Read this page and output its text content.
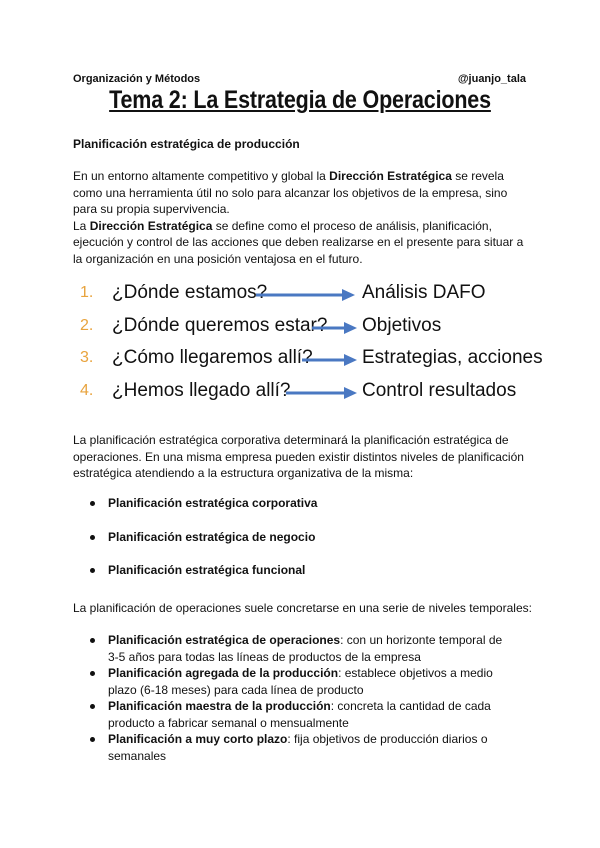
Organización y Métodos	@juanjo_tala
Tema 2: La Estrategia de Operaciones
Planificación estratégica de producción
En un entorno altamente competitivo y global la Dirección Estratégica se revela como una herramienta útil no solo para alcanzar los objetivos de la empresa, sino para su propia supervivencia.
La Dirección Estratégica se define como el proceso de análisis, planificación, ejecución y control de las acciones que deben realizarse en el presente para situar a la organización en una posición ventajosa en el futuro.
1. ¿Dónde estamos?	Análisis DAFO
2. ¿Dónde queremos estar? Objetivos
3. ¿Cómo llegaremos allí?	Estrategias, acciones
4. ¿Hemos llegado allí?	Control resultados
La planificación estratégica corporativa determinará la planificación estratégica de operaciones. En una misma empresa pueden existir distintos niveles de planificación estratégica atendiendo a la estructura organizativa de la misma:
Planificación estratégica corporativa
Planificación estratégica de negocio
Planificación estratégica funcional
La planificación de operaciones suele concretarse en una serie de niveles temporales:
Planificación estratégica de operaciones: con un horizonte temporal de 3-5 años para todas las líneas de productos de la empresa
Planificación agregada de la producción: establece objetivos a medio plazo (6-18 meses) para cada línea de producto
Planificación maestra de la producción: concreta la cantidad de cada producto a fabricar semanal o mensualmente
Planificación a muy corto plazo: fija objetivos de producción diarios o semanales
